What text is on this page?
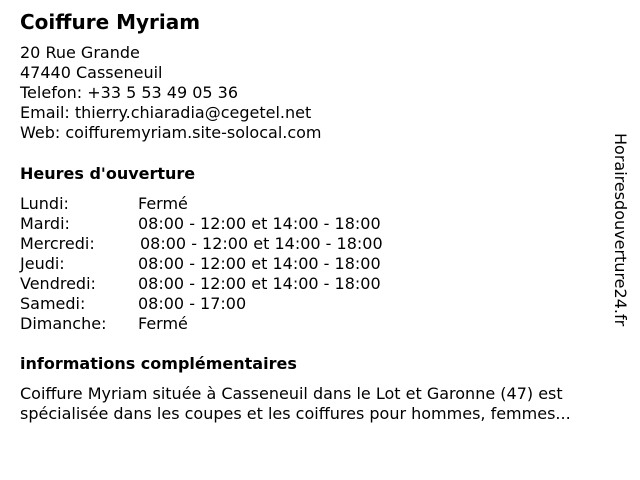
Coiffure Myriam
20 Rue Grande
47440 Casseneuil
Telefon: +33 5 53 49 05 36
Email: thierry.chiaradia@cegetel.net
Web: coiffuremyriam.site-solocal.com
Heures d'ouverture
Lundi:	Fermé
Mardi:	08:00 - 12:00 et 14:00 - 18:00
Mercredi:	08:00 - 12:00 et 14:00 - 18:00
Jeudi:	08:00 - 12:00 et 14:00 - 18:00
Vendredi:	08:00 - 12:00 et 14:00 - 18:00
Samedi:	08:00 - 17:00
Dimanche: Fermé
informations complémentaires
Coiffure Myriam située à Casseneuil dans le Lot et Garonne (47) est
spécialisée dans les coupes et les coiffures pour hommes, femmes...
Horairesdouverture24.fr
